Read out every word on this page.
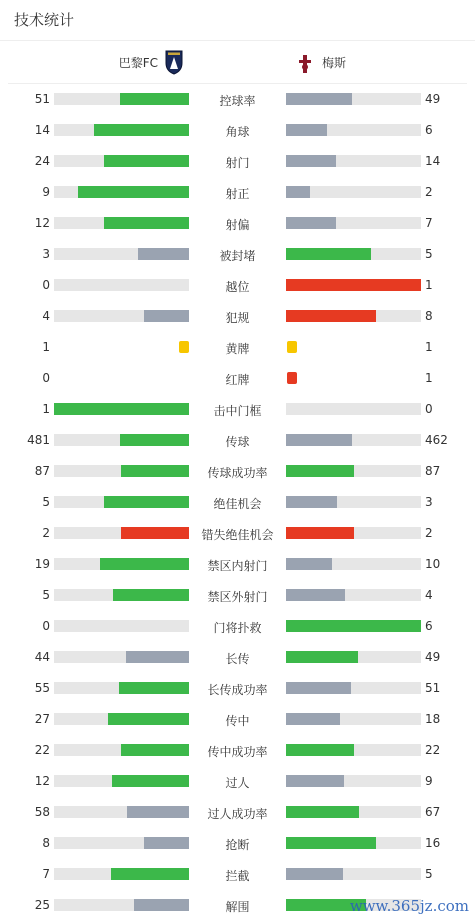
技术统计
巴黎FC	梅斯
51	控球率	49
14	角球	6
24	射门	14
9	射正	2
12	射偏	7
3	被封堵	5
0	越位	1
4	犯规	8
1	黄牌	1
0	红牌	1
1	击中门框	0
481	传球	462
87	传球成功率	87
5	绝佳机会	3
2	错失绝佳机会	2
19	禁区内射门	10
5	禁区外射门	4
0	门将扑救	6
44	长传	49
55	长传成功率	51
27	传中	18
22	传中成功率	22
12	过人	9
58	过人成功率	67
8	抢断	16
7	拦截	5
25	解围	www.365jz.com
